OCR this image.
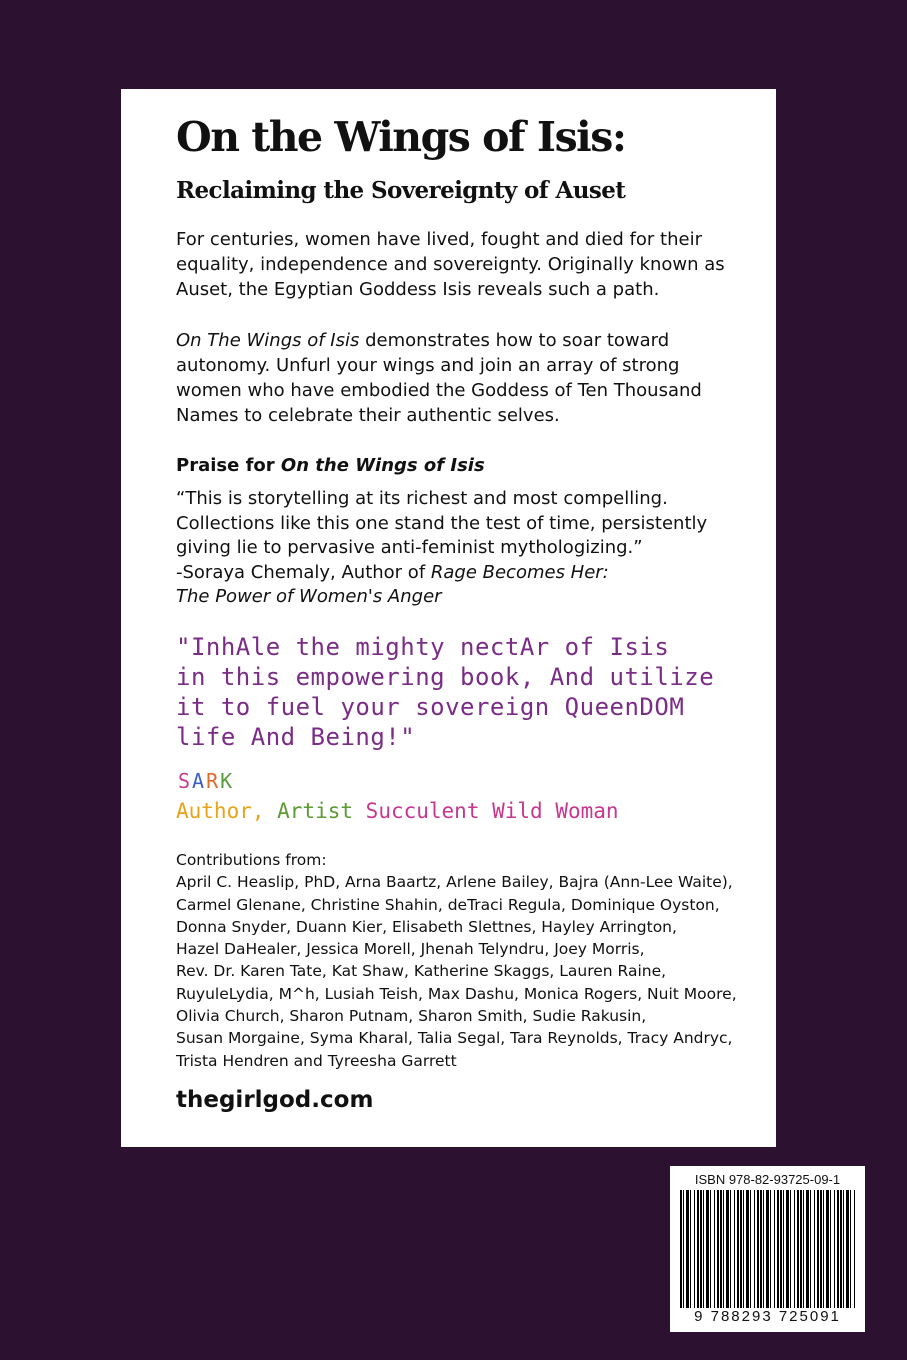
On the Wings of Isis:
Reclaiming the Sovereignty of Auset
For centuries, women have lived, fought and died for their
equality, independence and sovereignty. Originally known as
Auset, the Egyptian Goddess Isis reveals such a path.
On The Wings of Isis demonstrates how to soar toward
autonomy. Unfurl your wings and join an array of strong
women who have embodied the Goddess of Ten Thousand
Names to celebrate their authentic selves.
Praise for On the Wings of Isis
“This is storytelling at its richest and most compelling.
Collections like this one stand the test of time, persistently
giving lie to pervasive anti-feminist mythologizing.”
-Soraya Chemaly, Author of Rage Becomes Her:
The Power of Women's Anger
"InhAle the mighty nectAr of Isis
in this empowering book, And utilize
it to fuel your sovereign QueenDOM
life And Being!"
SARK
Author, Artist Succulent Wild Woman
Contributions from:
April C. Heaslip, PhD, Arna Baartz, Arlene Bailey, Bajra (Ann-Lee Waite),
Carmel Glenane, Christine Shahin, deTraci Regula, Dominique Oyston,
Donna Snyder, Duann Kier, Elisabeth Slettnes, Hayley Arrington,
Hazel DaHealer, Jessica Morell, Jhenah Telyndru, Joey Morris,
Rev. Dr. Karen Tate, Kat Shaw, Katherine Skaggs, Lauren Raine,
RuyuleLydia, M^h, Lusiah Teish, Max Dashu, Monica Rogers, Nuit Moore,
Olivia Church, Sharon Putnam, Sharon Smith, Sudie Rakusin,
Susan Morgaine, Syma Kharal, Talia Segal, Tara Reynolds, Tracy Andryc,
Trista Hendren and Tyreesha Garrett
thegirlgod.com
ISBN 978-82-93725-09-1
9 788293 725091
